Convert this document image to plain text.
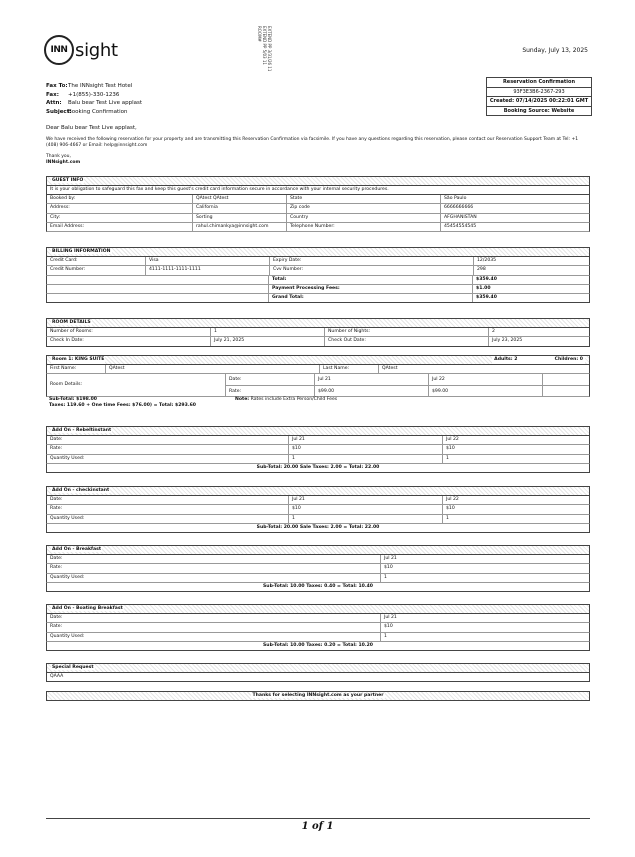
INN sight	EXTEND PP 3/31/26 11
EXTEND PP 5/03 11
ROOM#
Sunday, July 13, 2025
Fax To:The INNsight Test Hotel
Fax: +1(855)-330-1236
Attn: Balu bear Test Live applast
Subject:Booking Confirmation
Reservation Confirmation
93F3E3B6-2367-293
Created: 07/14/2025 00:22:01 GMT
Booking Source: Website
Dear Balu bear Test Live applast,
We have received the following reservation for your property and are transmitting this Reservation Confirmation via facsimile. If you have any questions regarding this reservation, please contact our Reservation Support Team at Tel: +1 (408) 906-4667 or Email: help@innsight.com
Thank you,
INNsight.com
GUEST INFO
It is your obligation to safeguard this fax and keep this guest's credit card information secure in accordance with your internal security procedures.
Booked by:	QAtest QAtest	State	São Paulo
Address:	California	Zip code	6666666666
City:	Sorting	Country	AFGHANISTAN
Email Address:	rahul.chimankya@innsight.com	Telephone Number:	45454554545
BILLING INFORMATION
Credit Card:	Visa	Expiry Date:	12/2035
Credit Number:	4111-1111-1111-1111	Cvv Number:	298
Total:	$359.40
Payment Processing Fees:	$1.00
Grand Total:	$359.40
ROOM DETAILS
Number of Rooms:	1	Number of Nights:	2
Check In Date:	July 21, 2025	Check Out Date:	July 23, 2025
Room 1: KING SUITE	Adults: 2	Children: 0
First Name:	QAtest	Last Name:	QAtest
Room Details:
Date:	Jul 21	Jul 22
Rate:	$99.00	$99.00
Sub-Total: $198.00
Taxes: 119.60 + One time Fees: $76.00) = Total: $293.60
Note: Rates include Extra Person/Child Fees
Add On - Rebeltinstant
Date:	Jul 21	Jul 22
Rate:	$10	$10
Quantity Used:	1	1
Sub-Total: 20.00 Sale Taxes: 2.00 = Total: 22.00
Add On - checkinstant
Date:	Jul 21	Jul 22
Rate:	$10	$10
Quantity Used:	1	1
Sub-Total: 20.00 Sale Taxes: 2.00 = Total: 22.00
Add On - Breakfast
Date:	Jul 21
Rate:	$10
Quantity Used:	1
Sub-Total: 10.00 Taxes: 0.40 = Total: 10.40
Add On - Boating Breakfast
Date:	Jul 21
Rate:	$10
Quantity Used:	1
Sub-Total: 10.00 Taxes: 0.20 = Total: 10.20
Special Request
QAAA
Thanks for selecting INNsight.com as your partner
1 of 1
